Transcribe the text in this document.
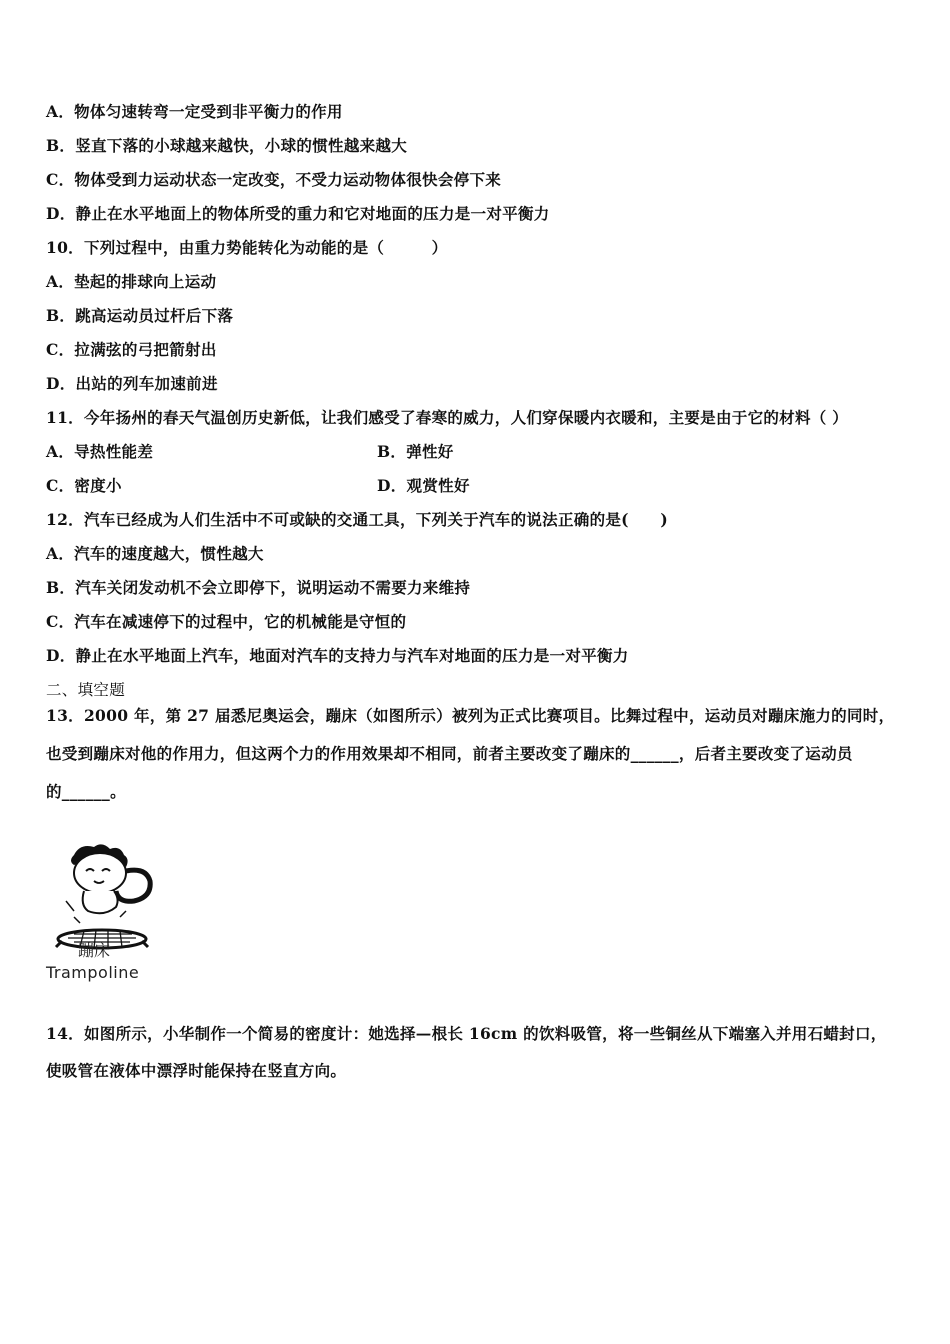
A．物体匀速转弯一定受到非平衡力的作用
B．竖直下落的小球越来越快，小球的惯性越来越大
C．物体受到力运动状态一定改变，不受力运动物体很快会停下来
D．静止在水平地面上的物体所受的重力和它对地面的压力是一对平衡力
10．下列过程中，由重力势能转化为动能的是（　　　）
A．垫起的排球向上运动
B．跳高运动员过杆后下落
C．拉满弦的弓把箭射出
D．出站的列车加速前进
11．今年扬州的春天气温创历史新低，让我们感受了春寒的威力，人们穿保暖内衣暖和，主要是由于它的材料（ ）
A．导热性能差	B．弹性好
C．密度小	D．观赏性好
12．汽车已经成为人们生活中不可或缺的交通工具，下列关于汽车的说法正确的是(　　)
A．汽车的速度越大，惯性越大
B．汽车关闭发动机不会立即停下，说明运动不需要力来维持
C．汽车在减速停下的过程中，它的机械能是守恒的
D．静止在水平地面上汽车，地面对汽车的支持力与汽车对地面的压力是一对平衡力
二、填空题
13．2000 年，第 27 届悉尼奥运会，蹦床（如图所示）被列为正式比赛项目。比舞过程中，运动员对蹦床施力的同时，
也受到蹦床对他的作用力，但这两个力的作用效果却不相同，前者主要改变了蹦床的______，后者主要改变了运动员
的______。
蹦床
Trampoline
14．如图所示，小华制作一个简易的密度计：她选择—根长 16cm 的饮料吸管，将一些铜丝从下端塞入并用石蜡封口，
使吸管在液体中漂浮时能保持在竖直方向。
